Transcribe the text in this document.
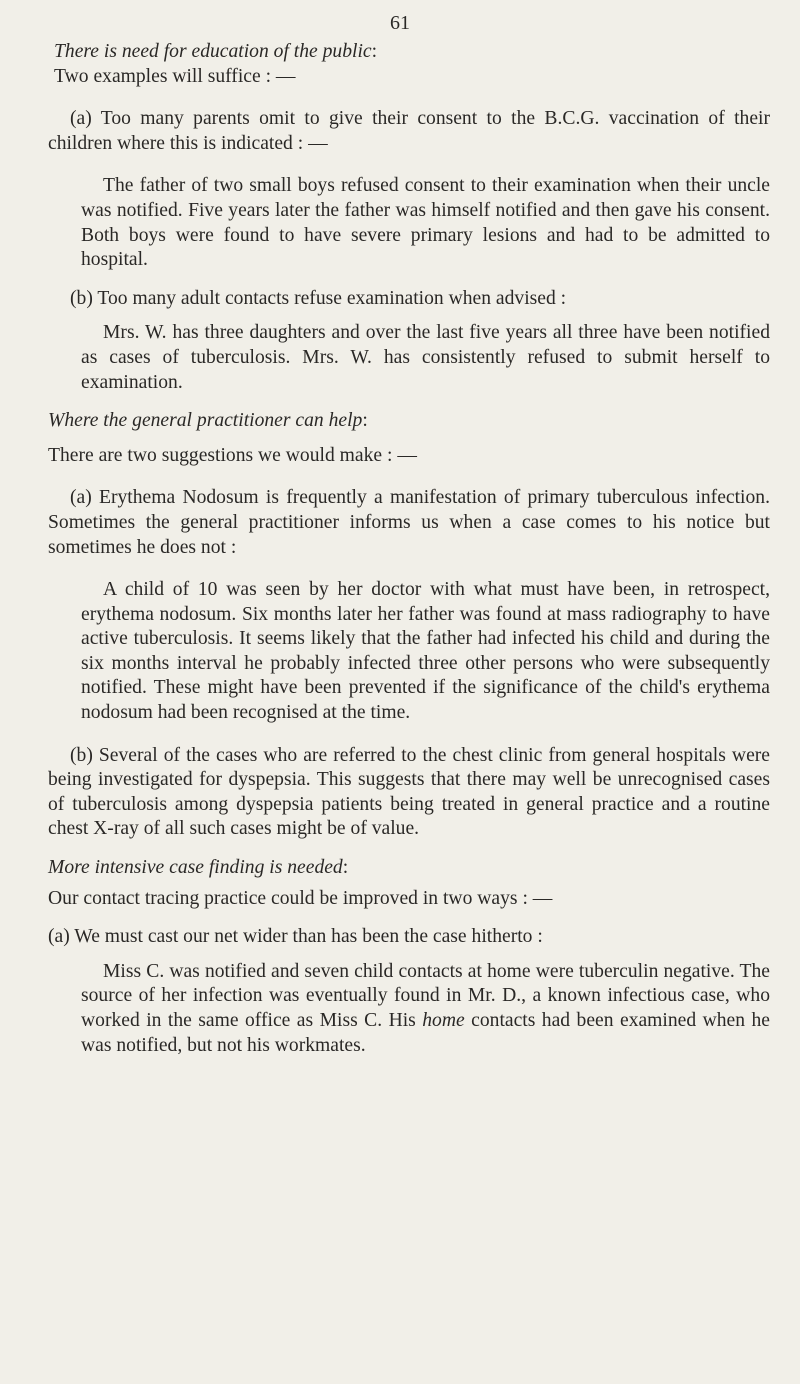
61

There is need for education of the public:

Two examples will suffice : —

(a) Too many parents omit to give their consent to the B.C.G. vaccination of their children where this is indicated : —

The father of two small boys refused consent to their examination when their uncle was notified. Five years later the father was himself notified and then gave his consent. Both boys were found to have severe primary lesions and had to be admitted to hospital.

(b) Too many adult contacts refuse examination when advised :

Mrs. W. has three daughters and over the last five years all three have been notified as cases of tuberculosis. Mrs. W. has consistently refused to submit herself to examination.

Where the general practitioner can help:

There are two suggestions we would make : —

(a) Erythema Nodosum is frequently a manifestation of primary tuberculous infection. Sometimes the general practitioner informs us when a case comes to his notice but sometimes he does not :

A child of 10 was seen by her doctor with what must have been, in retrospect, erythema nodosum. Six months later her father was found at mass radiography to have active tuberculosis. It seems likely that the father had infected his child and during the six months interval he probably infected three other persons who were subsequently notified. These might have been prevented if the significance of the child's erythema nodosum had been recognised at the time.

(b) Several of the cases who are referred to the chest clinic from general hospitals were being investigated for dyspepsia. This suggests that there may well be unrecognised cases of tuberculosis among dyspepsia patients being treated in general practice and a routine chest X-ray of all such cases might be of value.

More intensive case finding is needed:

Our contact tracing practice could be improved in two ways : —

(a) We must cast our net wider than has been the case hitherto :

Miss C. was notified and seven child contacts at home were tuberculin negative. The source of her infection was eventually found in Mr. D., a known infectious case, who worked in the same office as Miss C. His home contacts had been examined when he was notified, but not his workmates.
